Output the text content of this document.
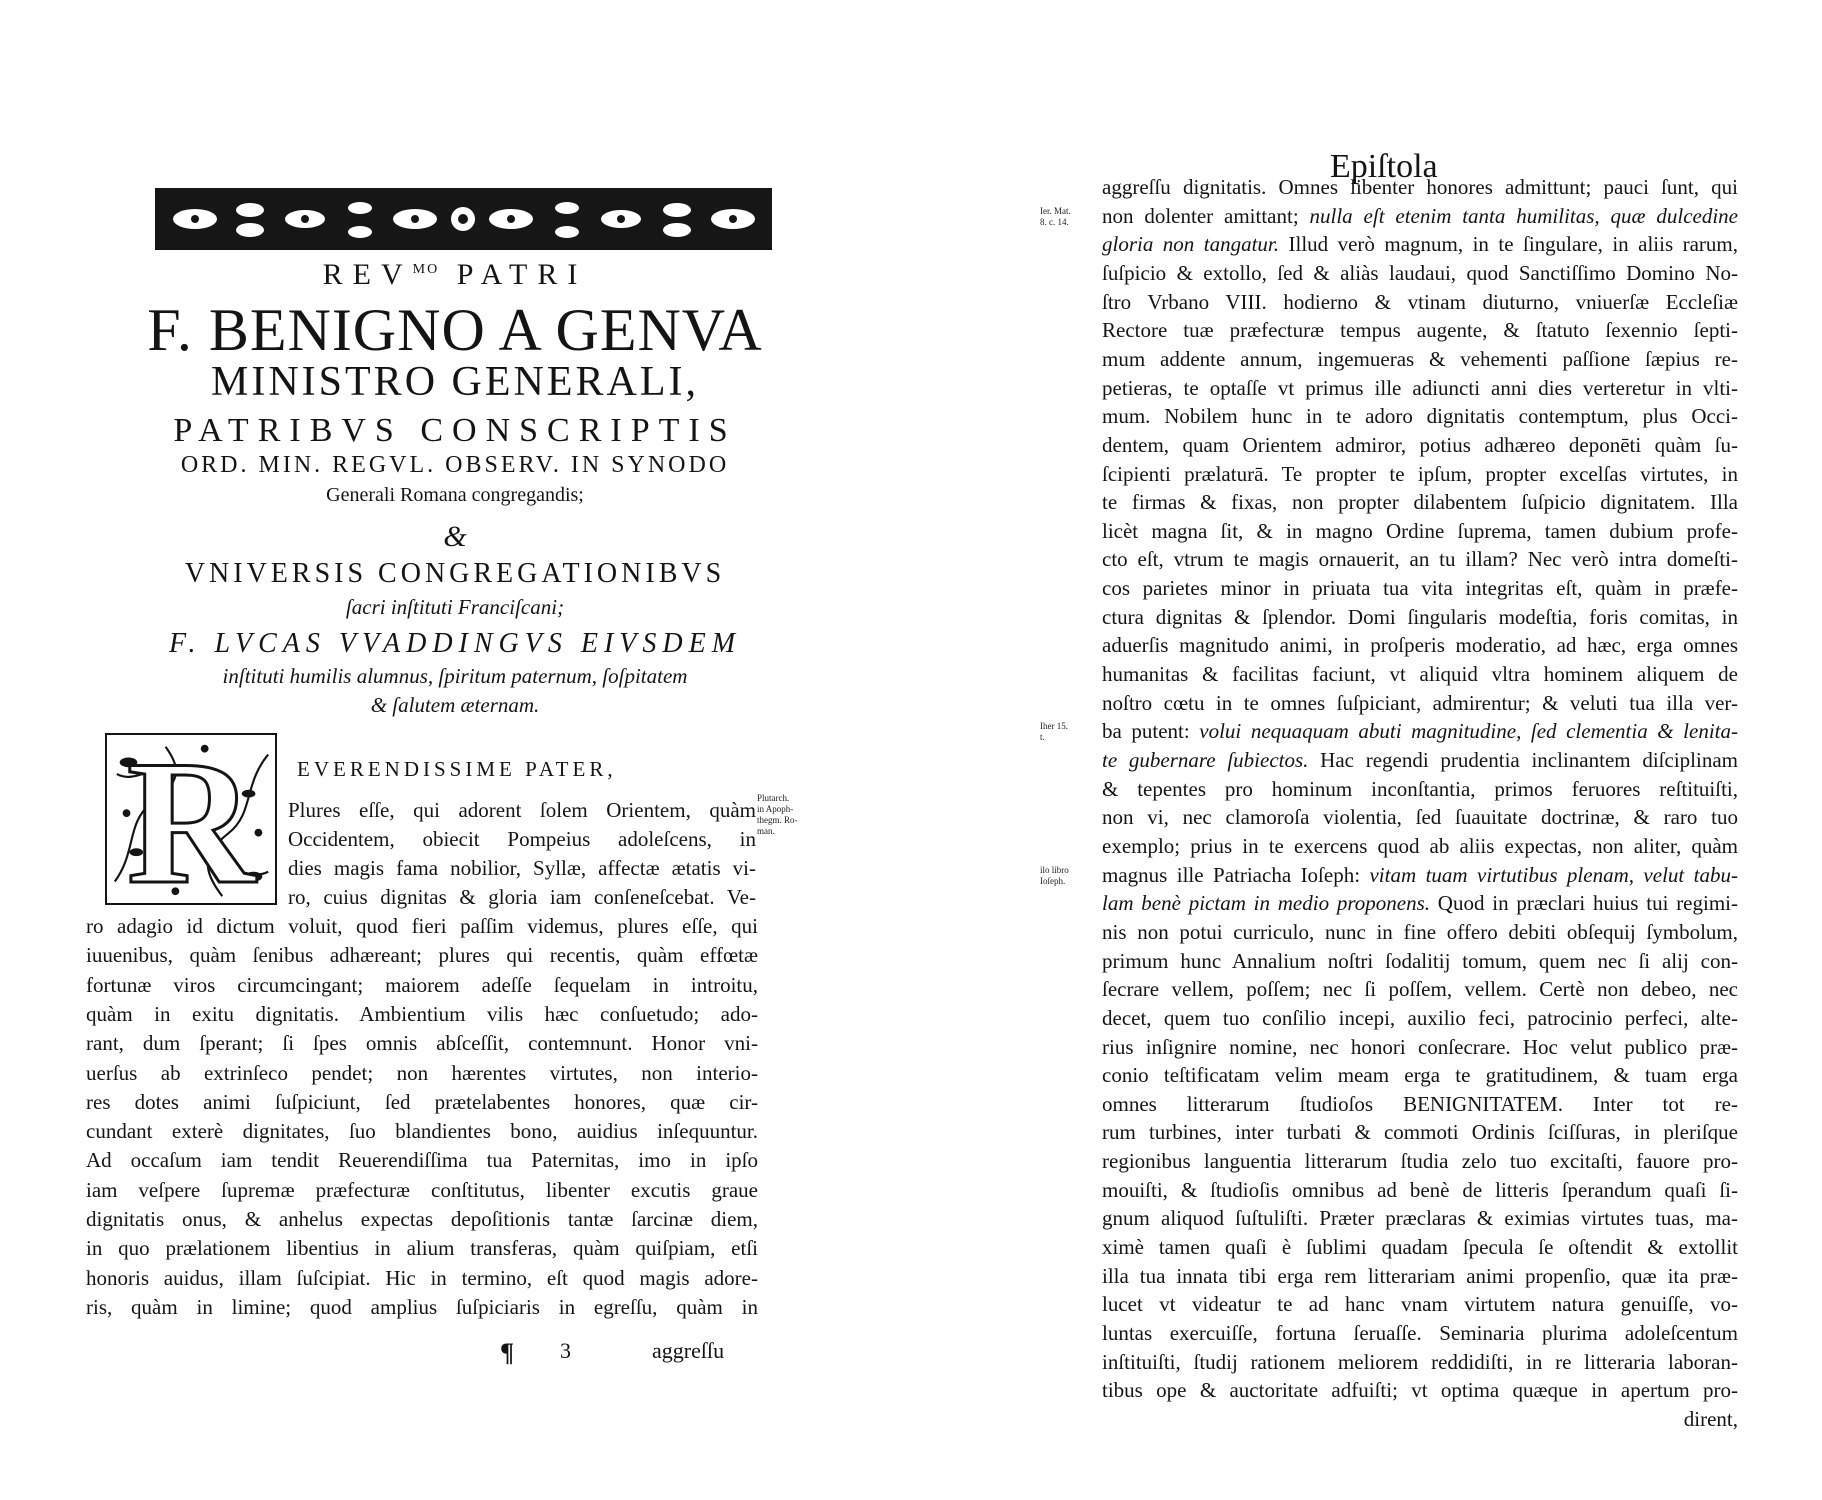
$REV^{MO}$ PATRI
F. BENIGNO A GENVA
MINISTRO GENERALI,
PATRIBVS CONSCRIPTIS
ORD. MIN. REGVL. OBSERV. IN SYNODO
Generali Romana congregandis;
&
VNIVERSIS CONGREGATIONIBVS
ſacri inſtituti Franciſcani;
F. LVCAS VVADDINGVS EIVSDEM
inſtituti humilis alumnus, ſpiritum paternum, ſoſpitatem
& ſalutem æternam.
R	EVERENDISSIME PATER,
Plures eſſe, qui adorent ſolem Orientem, quàm
Occidentem, obiecit Pompeius adoleſcens, in
dies magis fama nobilior, Syllæ, affectæ ætatis vi-
ro, cuius dignitas & gloria iam conſeneſcebat. Ve-
ro adagio id dictum voluit, quod fieri paſſim videmus, plures eſſe, qui
iuuenibus, quàm ſenibus adhæreant; plures qui recentis, quàm effœtæ
fortunæ viros circumcingant; maiorem adeſſe ſequelam in introitu,
quàm in exitu dignitatis. Ambientium vilis hæc conſuetudo; ado-
rant, dum ſperant; ſi ſpes omnis abſceſſit, contemnunt. Honor vni-
uerſus ab extrinſeco pendet; non hærentes virtutes, non interio-
res dotes animi ſuſpiciunt, ſed prætelabentes honores, quæ cir-
cundant exterè dignitates, ſuo blandientes bono, auidius inſequuntur.
Ad occaſum iam tendit Reuerendiſſima tua Paternitas, imo in ipſo
iam veſpere ſupremæ præfecturæ conſtitutus, libenter excutis graue
dignitatis onus, & anhelus expectas depoſitionis tantæ ſarcinæ diem,
in quo prælationem libentius in alium transferas, quàm quiſpiam, etſi
honoris auidus, illam ſuſcipiat. Hic in termino, eſt quod magis adore-
ris, quàm in limine; quod amplius ſuſpiciaris in egreſſu, quàm in
Plutarch.
in Apoph-
thegm. Ro-
man.
¶ 3	aggreſſu
Epiſtola
aggreſſu dignitatis. Omnes libenter honores admittunt; pauci ſunt, qui
non dolenter amittant; nulla eſt etenim tanta humilitas, quæ dulcedine
gloria non tangatur. Illud verò magnum, in te ſingulare, in aliis rarum,
ſuſpicio & extollo, ſed & aliàs laudaui, quod Sanctiſſimo Domino No-
ſtro Vrbano VIII. hodierno & vtinam diuturno, vniuerſæ Eccleſiæ
Rectore tuæ præfecturæ tempus augente, & ſtatuto ſexennio ſepti-
mum addente annum, ingemueras & vehementi paſſione ſæpius re-
petieras, te optaſſe vt primus ille adiuncti anni dies verteretur in vlti-
mum. Nobilem hunc in te adoro dignitatis contemptum, plus Occi-
dentem, quam Orientem admiror, potius adhæreo deponēti quàm ſu-
ſcipienti prælaturā. Te propter te ipſum, propter excelſas virtutes, in
te firmas & fixas, non propter dilabentem ſuſpicio dignitatem. Illa
licèt magna ſit, & in magno Ordine ſuprema, tamen dubium profe-
cto eſt, vtrum te magis ornauerit, an tu illam? Nec verò intra domeſti-
cos parietes minor in priuata tua vita integritas eſt, quàm in præfe-
ctura dignitas & ſplendor. Domi ſingularis modeſtia, foris comitas, in
aduerſis magnitudo animi, in proſperis moderatio, ad hæc, erga omnes
humanitas & facilitas faciunt, vt aliquid vltra hominem aliquem de
noſtro cœtu in te omnes ſuſpiciant, admirentur; & veluti tua illa ver-
ba putent: volui nequaquam abuti magnitudine, ſed clementia & lenita-
te gubernare ſubiectos. Hac regendi prudentia inclinantem diſciplinam
& tepentes pro hominum inconſtantia, primos feruores reſtituiſti,
non vi, nec clamoroſa violentia, ſed ſuauitate doctrinæ, & raro tuo
exemplo; prius in te exercens quod ab aliis expectas, non aliter, quàm
magnus ille Patriacha Ioſeph: vitam tuam virtutibus plenam, velut tabu-
lam benè pictam in medio proponens. Quod in præclari huius tui regimi-
nis non potui curriculo, nunc in fine offero debiti obſequij ſymbolum,
primum hunc Annalium noſtri ſodalitij tomum, quem nec ſi alij con-
ſecrare vellem, poſſem; nec ſi poſſem, vellem. Certè non debeo, nec
decet, quem tuo conſilio incepi, auxilio feci, patrocinio perfeci, alte-
rius inſignire nomine, nec honori conſecrare. Hoc velut publico præ-
conio teſtificatam velim meam erga te gratitudinem, & tuam erga
omnes litterarum ſtudioſos BENIGNITATEM. Inter tot re-
rum turbines, inter turbati & commoti Ordinis ſciſſuras, in pleriſque
regionibus languentia litterarum ſtudia zelo tuo excitaſti, fauore pro-
mouiſti, & ſtudioſis omnibus ad benè de litteris ſperandum quaſi ſi-
gnum aliquod ſuſtuliſti. Præter præclaras & eximias virtutes tuas, ma-
ximè tamen quaſi è ſublimi quadam ſpecula ſe oſtendit & extollit
illa tua innata tibi erga rem litterariam animi propenſio, quæ ita præ-
lucet vt videatur te ad hanc vnam virtutem natura genuiſſe, vo-
luntas exercuiſſe, fortuna ſeruaſſe. Seminaria plurima adoleſcentum
inſtituiſti, ſtudij rationem meliorem reddidiſti, in re litteraria laboran-
tibus ope & auctoritate adfuiſti; vt optima quæque in apertum pro-
dirent,
Ier. Mat.
8. c. 14.
Iher 15.
t.
ilo libro
Ioſeph.
